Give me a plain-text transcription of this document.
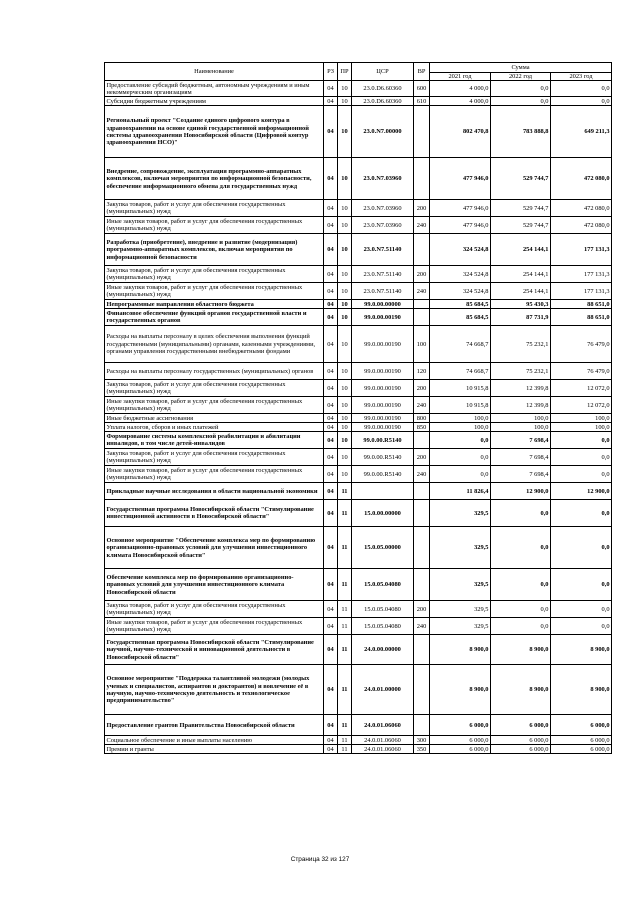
Наименование	РЗ	ПР	ЦСР	ВР	Сумма		
					2021 год	2022 год	2023 год
Предоставление субсидий бюджетным, автономным учреждениям и иным некоммерческим организациям	04	10	23.0.D6.60360	600	4 000,0	0,0	0,0
Субсидии бюджетным учреждениям	04	10	23.0.D6.60360	610	4 000,0	0,0	0,0
Региональный проект "Создание единого цифрового контура в здравоохранении на основе единой государственной информационной системы здравоохранения Новосибирской области (Цифровой контур здравоохранения НСО)"	04	10	23.0.N7.00000		802 470,8	783 888,8	649 211,3
Внедрение, сопровождение, эксплуатация программно-аппаратных комплексов, включая мероприятия по информационной безопасности, обеспечение информационного обмена для государственных нужд	04	10	23.0.N7.03960		477 946,0	529 744,7	472 080,0
Закупка товаров, работ и услуг для обеспечения государственных (муниципальных) нужд	04	10	23.0.N7.03960	200	477 946,0	529 744,7	472 080,0
Иные закупки товаров, работ и услуг для обеспечения государственных (муниципальных) нужд	04	10	23.0.N7.03960	240	477 946,0	529 744,7	472 080,0
Разработка (приобретение), внедрение и развитие (модернизация) программно-аппаратных комплексов, включая мероприятия по информационной безопасности	04	10	23.0.N7.51140		324 524,8	254 144,1	177 131,3
Закупка товаров, работ и услуг для обеспечения государственных (муниципальных) нужд	04	10	23.0.N7.51140	200	324 524,8	254 144,1	177 131,3
Иные закупки товаров, работ и услуг для обеспечения государственных (муниципальных) нужд	04	10	23.0.N7.51140	240	324 524,8	254 144,1	177 131,3
Непрограммные направления областного бюджета	04	10	99.0.00.00000		85 684,5	95 430,3	88 651,0
Финансовое обеспечение функций органов государственной власти и государственных органов	04	10	99.0.00.00190		85 684,5	87 731,9	88 651,0
Расходы на выплаты персоналу в целях обеспечения выполнения функций государственными (муниципальными) органами, казенными учреждениями, органами управления государственными внебюджетными фондами	04	10	99.0.00.00190	100	74 668,7	75 232,1	76 479,0
Расходы на выплаты персоналу государственных (муниципальных) органов	04	10	99.0.00.00190	120	74 668,7	75 232,1	76 479,0
Закупка товаров, работ и услуг для обеспечения государственных (муниципальных) нужд	04	10	99.0.00.00190	200	10 915,8	12 399,8	12 072,0
Иные закупки товаров, работ и услуг для обеспечения государственных (муниципальных) нужд	04	10	99.0.00.00190	240	10 915,8	12 399,8	12 072,0
Иные бюджетные ассигнования	04	10	99.0.00.00190	800	100,0	100,0	100,0
Уплата налогов, сборов и иных платежей	04	10	99.0.00.00190	850	100,0	100,0	100,0
Формирование системы комплексной реабилитации и абилитации инвалидов, в том числе детей-инвалидов	04	10	99.0.00.R5140		0,0	7 698,4	0,0
Закупка товаров, работ и услуг для обеспечения государственных (муниципальных) нужд	04	10	99.0.00.R5140	200	0,0	7 698,4	0,0
Иные закупки товаров, работ и услуг для обеспечения государственных (муниципальных) нужд	04	10	99.0.00.R5140	240	0,0	7 698,4	0,0
Прикладные научные исследования в области национальной экономики	04	11			11 826,4	12 900,0	12 900,0
Государственная программа Новосибирской области "Стимулирование инвестиционной активности в Новосибирской области"	04	11	15.0.00.00000		329,5	0,0	0,0
Основное мероприятие "Обеспечение комплекса мер по формированию организационно-правовых условий для улучшения инвестиционного климата Новосибирской области"	04	11	15.0.05.00000		329,5	0,0	0,0
Обеспечение комплекса мер по формированию организационно-правовых условий для улучшения инвестиционного климата Новосибирской области	04	11	15.0.05.04080		329,5	0,0	0,0
Закупка товаров, работ и услуг для обеспечения государственных (муниципальных) нужд	04	11	15.0.05.04080	200	329,5	0,0	0,0
Иные закупки товаров, работ и услуг для обеспечения государственных (муниципальных) нужд	04	11	15.0.05.04080	240	329,5	0,0	0,0
Государственная программа Новосибирской области "Стимулирование научной, научно-технической и инновационной деятельности в Новосибирской области"	04	11	24.0.00.00000		8 900,0	8 900,0	8 900,0
Основное мероприятие "Поддержка талантливой молодежи (молодых ученых и специалистов, аспирантов и докторантов) и вовлечение её в научную, научно-техническую деятельность и технологическое предпринимательство"	04	11	24.0.01.00000		8 900,0	8 900,0	8 900,0
Предоставление грантов Правительства Новосибирской области	04	11	24.0.01.06060		6 000,0	6 000,0	6 000,0
Социальное обеспечение и иные выплаты населению	04	11	24.0.01.06060	300	6 000,0	6 000,0	6 000,0
Премии и гранты	04	11	24.0.01.06060	350	6 000,0	6 000,0	6 000,0
Страница 32 из 127
